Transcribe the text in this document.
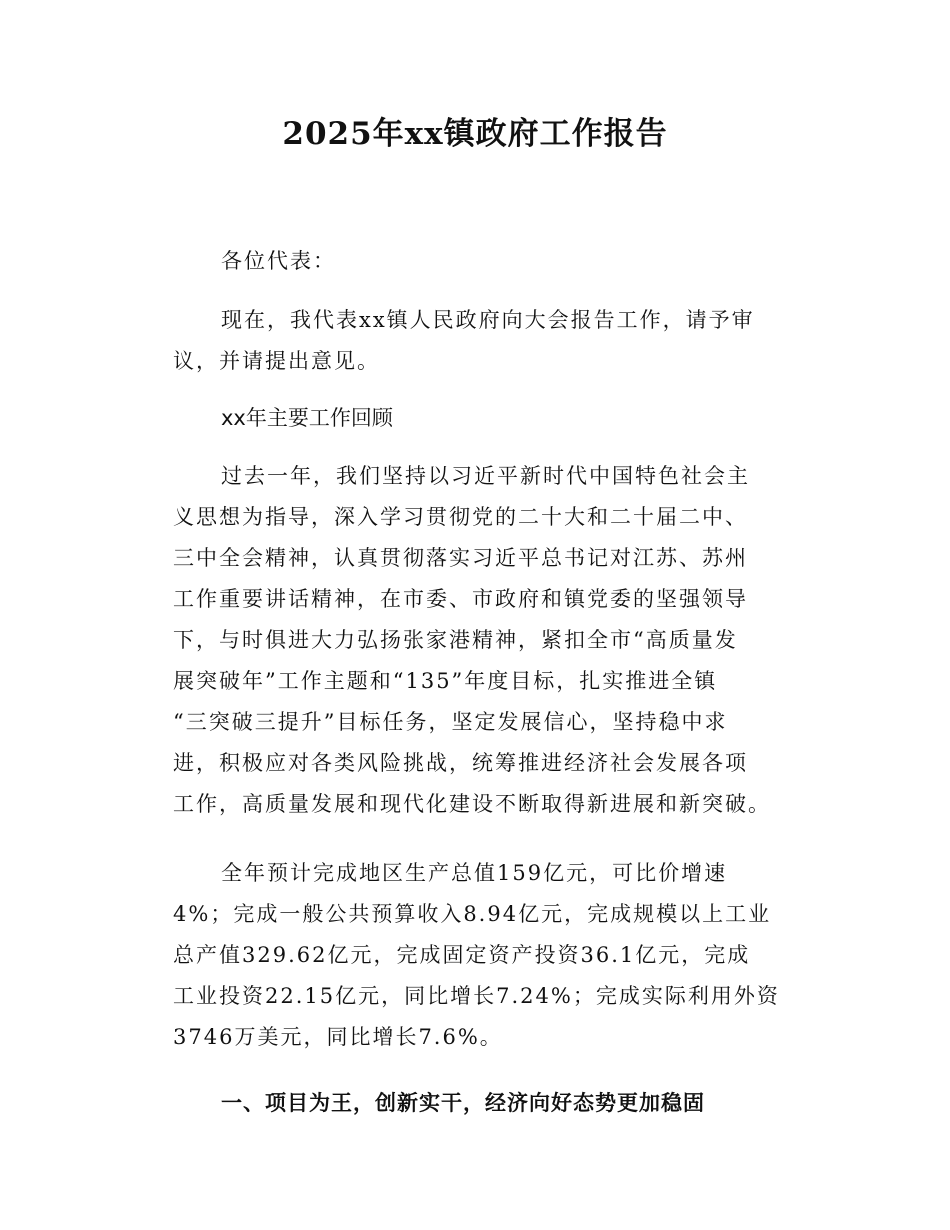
2025年xx镇政府工作报告

各位代表：

现在，我代表xx镇人民政府向大会报告工作，请予审
议，并请提出意见。

xx年主要工作回顾

过去一年，我们坚持以习近平新时代中国特色社会主
义思想为指导，深入学习贯彻党的二十大和二十届二中、
三中全会精神，认真贯彻落实习近平总书记对江苏、苏州
工作重要讲话精神，在市委、市政府和镇党委的坚强领导
下，与时俱进大力弘扬张家港精神，紧扣全市“高质量发
展突破年”工作主题和“135”年度目标，扎实推进全镇
“三突破三提升”目标任务，坚定发展信心，坚持稳中求
进，积极应对各类风险挑战，统筹推进经济社会发展各项
工作，高质量发展和现代化建设不断取得新进展和新突破。

全年预计完成地区生产总值159亿元，可比价增速
4%；完成一般公共预算收入8.94亿元，完成规模以上工业
总产值329.62亿元，完成固定资产投资36.1亿元，完成
工业投资22.15亿元，同比增长7.24%；完成实际利用外资
3746万美元，同比增长7.6%。

一、项目为王，创新实干，经济向好态势更加稳固
